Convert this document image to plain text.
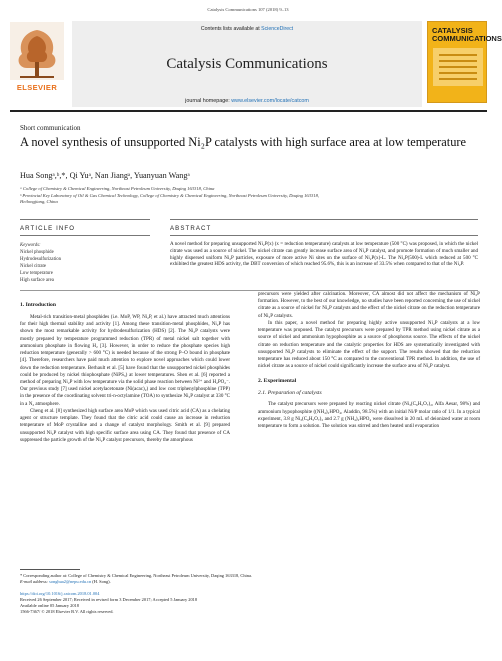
Catalysis Communications 107 (2018) 9–13
ELSEVIER
Contents lists available at ScienceDirect
Catalysis Communications
journal homepage: www.elsevier.com/locate/catcom
CATALYSIS COMMUNICATIONS
Short communication
A novel synthesis of unsupported Ni₂P catalysts with high surface area at low temperature
Hua Songᵃ,ᵇ,*, Qi Yuᵃ, Nan Jiangᵃ, Yuanyuan Wangᵃ
ᵃ College of Chemistry & Chemical Engineering, Northeast Petroleum University, Daqing 163318, China
ᵇ Provincial Key Laboratory of Oil & Gas Chemical Technology, College of Chemistry & Chemical Engineering, Northeast Petroleum University, Daqing 163318,
Heilongjiang, China
ARTICLE INFO
Keywords:
Nickel phosphide
Hydrodesulfurization
Nickel citrate
Low temperature
High surface area
ABSTRACT
A novel method for preparing unsupported Ni₂P(x) (x = reduction temperature) catalysts at low temperature (500 °C) was proposed, in which the nickel citrate was used as a source of nickel. The nickel citrate can greatly increase surface area of Ni₂P catalyst, and promote formation of much smaller and highly dispersed uniform Ni₂P particles, exposure of more active Ni sites on the surface of Ni₂P(x)-L. The Ni₂P(500)-L which reduced at 500 °C exhibited the greatest HDS activity, the DBT conversion of which reached 95.6%, this is an increase of 33.5% when compared to that of the Ni₂P.
1. Introduction
Metal-rich transition-metal phosphides (i.e. MoP, WP, Ni₂P, et al.) have attracted much attentions for their high thermal stability and activity [1]. Among these transition-metal phosphides, Ni₂P has shown the most remarkable activity for hydrodesulfurization (HDS) [2]. The Ni₂P catalysts were mostly prepared by temperature programmed reduction (TPR) of metal nickel salt together with ammonium phosphate in flowing H₂ [3]. However, in order to reduce the phosphate species high reduction temperature (generally > 600 °C) is needed because of the strong P–O bound in phosphate [4]. Therefore, researchers have paid much attention to explore novel approaches which could lower down the reduction temperature. Berhault et al. [5] have found that the unsupported nickel phosphides could be produced by nickel thiophosphate (NiPS₃) at lower temperatures. Shen et al. [6] reported a method of preparing Ni₂P with low temperature via the solid phase reaction between Ni²⁺ and H₂PO₂⁻. Our previous study [7] used nickel acetylacetonate (Ni(acac)₂) and low cost triphenylphosphine (TPP) in the presence of the coordinating solvent tri-n-octylamine (TOA) to synthesize Ni₂P catalyst at 330 °C in a N₂ atmosphere.
Cheng et al. [8] synthesized high surface area MoP which was used citric acid (CA) as a chelating agent or structure template. They found that the citric acid could cause an increase in reduction temperature of MoP crystalline and a change of catalyst morphology. Smith et al. [9] prepared unsupported Ni₂P catalyst with high specific surface area using CA. They found that presence of CA suppressed the particle growth of the Ni₂P catalyst precursors, thereby the amorphous
precursors were yielded after calcination. Moreover, CA almost did not affect the mechanism of Ni₂P formation. However, to the best of our knowledge, no studies have been reported concerning the use of nickel citrate as a source of nickel for Ni₂P catalysts and the effect of the nickel citrate on the reduction temperature of Ni₂P catalysts.
In this paper, a novel method for preparing highly active unsupported Ni₂P catalysts at a low temperature was proposed. The catalyst precursors were prepared by TPR method using nickel citrate as a source of nickel and ammonium hypophosphite as a source of phosphorus source. The effects of the nickel citrate on reduction temperature and the catalytic properties for HDS are systematically investigated with unsupported Ni₂P catalysts to eliminate the effect of the support. The results showed that the reduction temperature has reduced about 150 °C as compared to the conventional TPR method. In addition, the use of nickel citrate as a source of nickel could significantly increase the surface area of Ni₂P catalyst.
2. Experimental
2.1. Preparation of catalysts
The catalyst precursors were prepared by reacting nickel citrate (Ni₃(C₆H₅O₇)₂, Alfa Aesar, 98%) and ammonium hypophosphite ((NH₄)₂HPO₄, Aladdin, 98.5%) with an initial Ni/P molar ratio of 1/1. In a typical experiment, 3.8 g Ni₃(C₆H₅O₇)₂ and 2.7 g (NH₄)₂HPO₄ were dissolved in 20 mL of deionized water at room temperature to form a solution. The solution was stirred and then heated until evaporation
* Corresponding author at: College of Chemistry & Chemical Engineering, Northeast Petroleum University, Daqing 163318, China.
E-mail address: songhua2@nepu.edu.cn (H. Song).
https://doi.org/10.1016/j.catcom.2018.01.004
Received 26 September 2017; Received in revised form 3 December 2017; Accepted 5 January 2018
Available online 05 January 2018
1566-7367/ © 2018 Elsevier B.V. All rights reserved.
